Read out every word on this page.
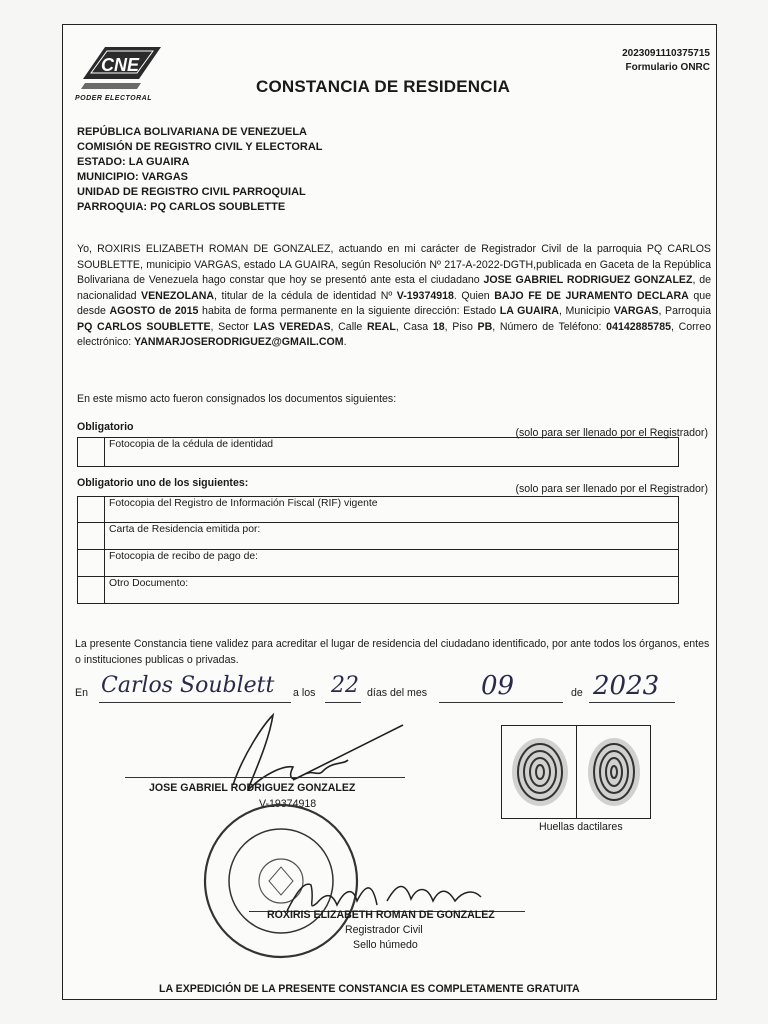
CNE
PODER ELECTORAL
2023091110375715
Formulario ONRC
CONSTANCIA DE RESIDENCIA
REPÚBLICA BOLIVARIANA DE VENEZUELA
COMISIÓN DE REGISTRO CIVIL Y ELECTORAL
ESTADO: LA GUAIRA
MUNICIPIO: VARGAS
UNIDAD DE REGISTRO CIVIL PARROQUIAL
PARROQUIA: PQ CARLOS SOUBLETTE
Yo, ROXIRIS ELIZABETH ROMAN DE GONZALEZ, actuando en mi carácter de Registrador Civil de la parroquia PQ CARLOS SOUBLETTE, municipio VARGAS, estado LA GUAIRA, según Resolución Nº 217-A-2022-DGTH,publicada en Gaceta de la República Bolivariana de Venezuela hago constar que hoy se presentó ante esta el ciudadano JOSE GABRIEL RODRIGUEZ GONZALEZ, de nacionalidad VENEZOLANA, titular de la cédula de identidad Nº V-19374918. Quien BAJO FE DE JURAMENTO DECLARA que desde AGOSTO de 2015 habita de forma permanente en la siguiente dirección: Estado LA GUAIRA, Municipio VARGAS, Parroquia PQ CARLOS SOUBLETTE, Sector LAS VEREDAS, Calle REAL, Casa 18, Piso PB, Número de Teléfono: 04142885785, Correo electrónico: YANMARJOSERODRIGUEZ@GMAIL.COM.
En este mismo acto fueron consignados los documentos siguientes:
Obligatorio	(solo para ser llenado por el Registrador)
Fotocopia de la cédula de identidad
Obligatorio uno de los siguientes:	(solo para ser llenado por el Registrador)
Fotocopia del Registro de Información Fiscal (RIF) vigente
Carta de Residencia emitida por:
Fotocopia de recibo de pago de:
Otro Documento:
La presente Constancia tiene validez para acreditar el lugar de residencia del ciudadano identificado, por ante todos los órganos, entes o instituciones publicas o privadas.
En Carlos Soublett a los 22 días del mes 09	de 2023
JOSE GABRIEL RODRIGUEZ GONZALEZ
V-19374918
Huellas dactilares
ROXIRIS ELIZABETH ROMAN DE GONZALEZ
Registrador Civil
Sello húmedo
LA EXPEDICIÓN DE LA PRESENTE CONSTANCIA ES COMPLETAMENTE GRATUITA
